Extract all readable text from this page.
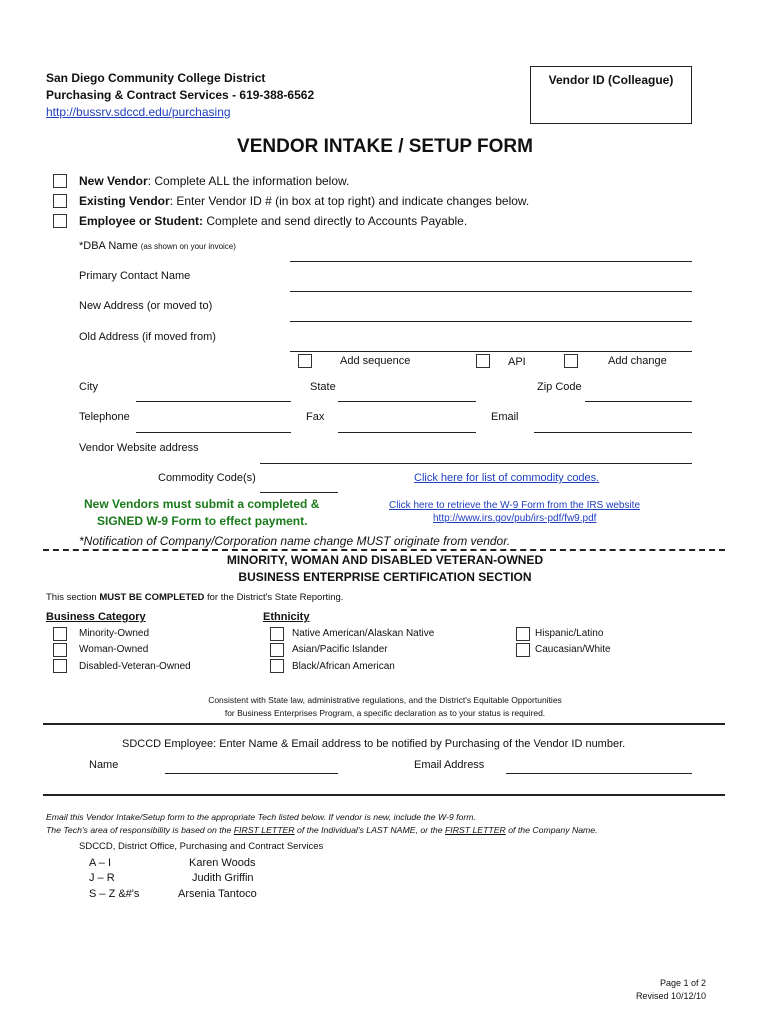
San Diego Community College District
Purchasing & Contract Services - 619-388-6562
http://bussrv.sdccd.edu/purchasing
Vendor ID (Colleague)
VENDOR INTAKE / SETUP FORM
New Vendor: Complete ALL the information below.
Existing Vendor: Enter Vendor ID # (in box at top right) and indicate changes below.
Employee or Student: Complete and send directly to Accounts Payable.
*DBA Name (as shown on your invoice)
Primary Contact Name
New Address (or moved to)
Old Address (if moved from)
Add sequence	API	Add change
City	State	Zip Code
Telephone	Fax	Email
Vendor Website address
Commodity Code(s)	Click here for list of commodity codes.
New Vendors must submit a completed &
SIGNED W-9 Form to effect payment.
Click here to retrieve the W-9 Form from the IRS website
http://www.irs.gov/pub/irs-pdf/fw9.pdf
*Notification of Company/Corporation name change MUST originate from vendor.
MINORITY, WOMAN AND DISABLED VETERAN-OWNED
BUSINESS ENTERPRISE CERTIFICATION SECTION
This section MUST BE COMPLETED for the District's State Reporting.
Business Category	Ethnicity
Minority-Owned
Woman-Owned
Disabled-Veteran-Owned
Native American/Alaskan Native
Asian/Pacific Islander
Black/African American
Hispanic/Latino
Caucasian/White
Consistent with State law, administrative regulations, and the District's Equitable Opportunities
for Business Enterprises Program, a specific declaration as to your status is required.
SDCCD Employee: Enter Name & Email address to be notified by Purchasing of the Vendor ID number.
Name	Email Address
Email this Vendor Intake/Setup form to the appropriate Tech listed below. If vendor is new, include the W-9 form.
The Tech's area of responsibility is based on the FIRST LETTER of the Individual's LAST NAME, or the FIRST LETTER of the Company Name.
SDCCD, District Office, Purchasing and Contract Services
A – I	Karen Woods
J – R	Judith Griffin
S – Z &#'s	Arsenia Tantoco
Page 1 of 2
Revised 10/12/10
